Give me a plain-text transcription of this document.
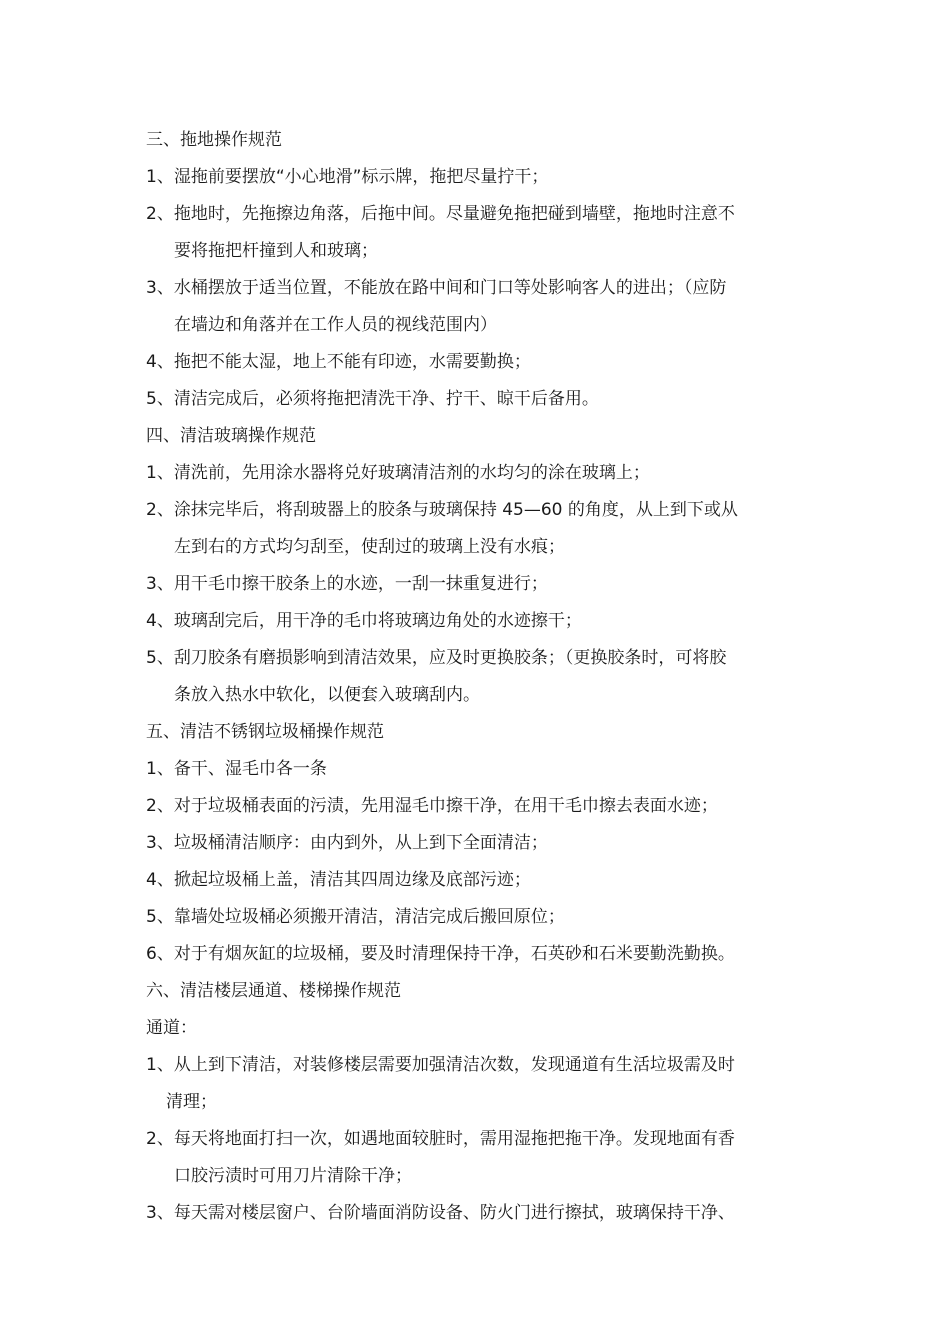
三、拖地操作规范
1、湿拖前要摆放“小心地滑”标示牌，拖把尽量拧干；
2、拖地时，先拖擦边角落，后拖中间。尽量避免拖把碰到墙壁，拖地时注意不
要将拖把杆撞到人和玻璃；
3、水桶摆放于适当位置，不能放在路中间和门口等处影响客人的进出；（应防
在墙边和角落并在工作人员的视线范围内）
4、拖把不能太湿，地上不能有印迹，水需要勤换；
5、清洁完成后，必须将拖把清洗干净、拧干、晾干后备用。
四、清洁玻璃操作规范
1、清洗前，先用涂水器将兑好玻璃清洁剂的水均匀的涂在玻璃上；
2、涂抹完毕后，将刮玻器上的胶条与玻璃保持 45—60 的角度，从上到下或从
左到右的方式均匀刮至，使刮过的玻璃上没有水痕；
3、用干毛巾擦干胶条上的水迹，一刮一抹重复进行；
4、玻璃刮完后，用干净的毛巾将玻璃边角处的水迹擦干；
5、刮刀胶条有磨损影响到清洁效果，应及时更换胶条；（更换胶条时，可将胶
条放入热水中软化，以便套入玻璃刮内。
五、清洁不锈钢垃圾桶操作规范
1、备干、湿毛巾各一条
2、对于垃圾桶表面的污渍，先用湿毛巾擦干净，在用干毛巾擦去表面水迹；
3、垃圾桶清洁顺序：由内到外，从上到下全面清洁；
4、掀起垃圾桶上盖，清洁其四周边缘及底部污迹；
5、靠墙处垃圾桶必须搬开清洁，清洁完成后搬回原位；
6、对于有烟灰缸的垃圾桶，要及时清理保持干净，石英砂和石米要勤洗勤换。
六、清洁楼层通道、楼梯操作规范
通道：
1、从上到下清洁，对装修楼层需要加强清洁次数，发现通道有生活垃圾需及时
清理；
2、每天将地面打扫一次，如遇地面较脏时，需用湿拖把拖干净。发现地面有香
口胶污渍时可用刀片清除干净；
3、每天需对楼层窗户、台阶墙面消防设备、防火门进行擦拭，玻璃保持干净、
